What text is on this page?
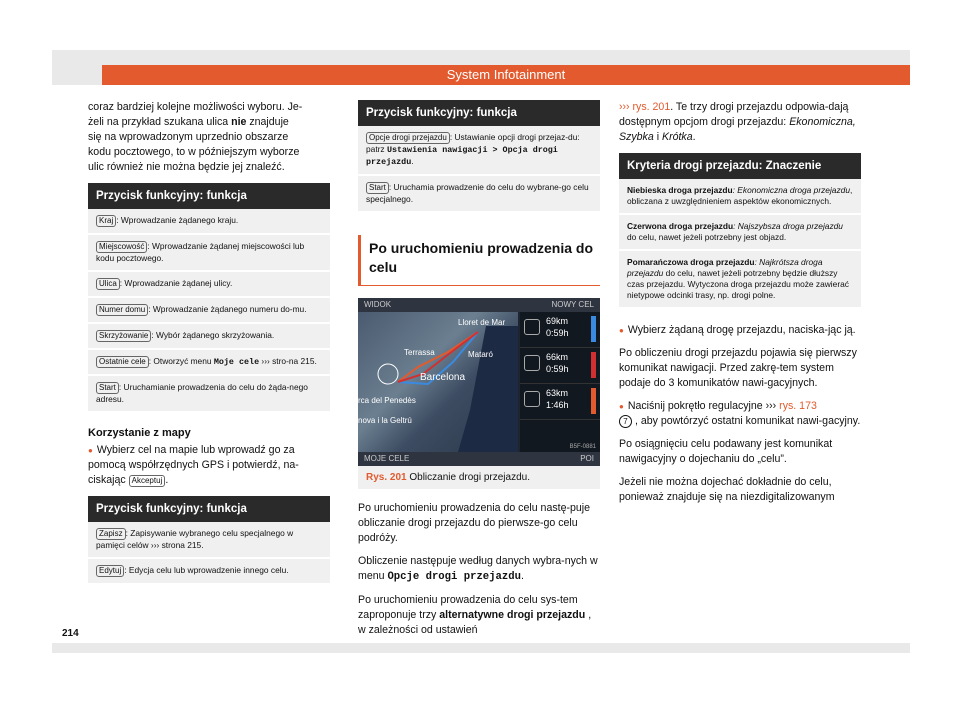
System Infotainment

coraz bardziej kolejne możliwości wyboru. Je-
żeli na przykład szukana ulica nie znajduje
się na wprowadzonym uprzednio obszarze
kodu pocztowego, to w późniejszym wyborze
ulic również nie można będzie jej znaleźć.

Przycisk funkcyjny: funkcja
Kraj : Wprowadzanie żądanego kraju.
Miejscowość : Wprowadzanie żądanej miejscowości lub kodu pocztowego.
Ulica : Wprowadzanie żądanej ulicy.
Numer domu : Wprowadzanie żądanego numeru do-mu.
Skrzyżowanie : Wybór żądanego skrzyżowania.
Ostatnie cele : Otworzyć menu Moje cele ››› stro-na 215.
Start : Uruchamianie prowadzenia do celu do żąda-nego adresu.
Korzystanie z mapy

● Wybierz cel na mapie lub wprowadź go za
pomocą współrzędnych GPS i potwierdź, na-
ciskając Akceptuj .

Przycisk funkcyjny: funkcja
Zapisz : Zapisywanie wybranego celu specjalnego w pamięci celów ››› strona 215.
Edytuj : Edycja celu lub wprowadzenie innego celu.
Przycisk funkcyjny: funkcja
Opcje drogi przejazdu : Ustawianie opcji drogi przejaz-du: patrz Ustawienia nawigacji > Opcja drogi przejazdu.
Start : Uruchamia prowadzenie do celu do wybrane-go celu specjalnego.
Po uruchomieniu prowadzenia do celu
WIDOK	NOWY CEL
Lloret de Mar
Terrassa	Mataró
Barcelona
rca del Penedès
nova i la Geltrú
69km
0:59h
66km
0:59h
63km
1:46h
B5F-0881
MOJE CELE	POI
Rys. 201 Obliczanie drogi przejazdu.

Po uruchomieniu prowadzenia do celu nastę-puje obliczanie drogi przejazdu do pierwsze-go celu podróży.

Obliczenie następuje według danych wybra-nych w menu Opcje drogi przejazdu.

Po uruchomieniu prowadzenia do celu sys-tem zaproponuje trzy alternatywne drogi przejazdu , w zależności od ustawień

››› rys. 201. Te trzy drogi przejazdu odpowia-dają dostępnym opcjom drogi przejazdu: Ekonomiczna, Szybka i Krótka.

Kryteria drogi przejazdu: Znaczenie
Niebieska droga przejazdu: Ekonomiczna droga przejazdu, obliczana z uwzględnieniem aspektów ekonomicznych.
Czerwona droga przejazdu: Najszybsza droga przejazdu do celu, nawet jeżeli potrzebny jest objazd.
Pomarańczowa droga przejazdu: Najkrótsza droga przejazdu do celu, nawet jeżeli potrzebny będzie dłuższy czas przejazdu. Wytyczona droga przejazdu może zawierać nietypowe odcinki trasy, np. drogi polne.

● Wybierz żądaną drogę przejazdu, naciska-jąc ją.

Po obliczeniu drogi przejazdu pojawia się pierwszy komunikat nawigacji. Przed zakrę-tem system podaje do 3 komunikatów nawi-gacyjnych.

● Naciśnij pokrętło regulacyjne ››› rys. 173
7 , aby powtórzyć ostatni komunikat nawi-gacyjny.

Po osiągnięciu celu podawany jest komunikat nawigacyjny o dojechaniu do „celu”.

Jeżeli nie można dojechać dokładnie do celu, ponieważ znajduje się na niezdigitalizowanym

214
